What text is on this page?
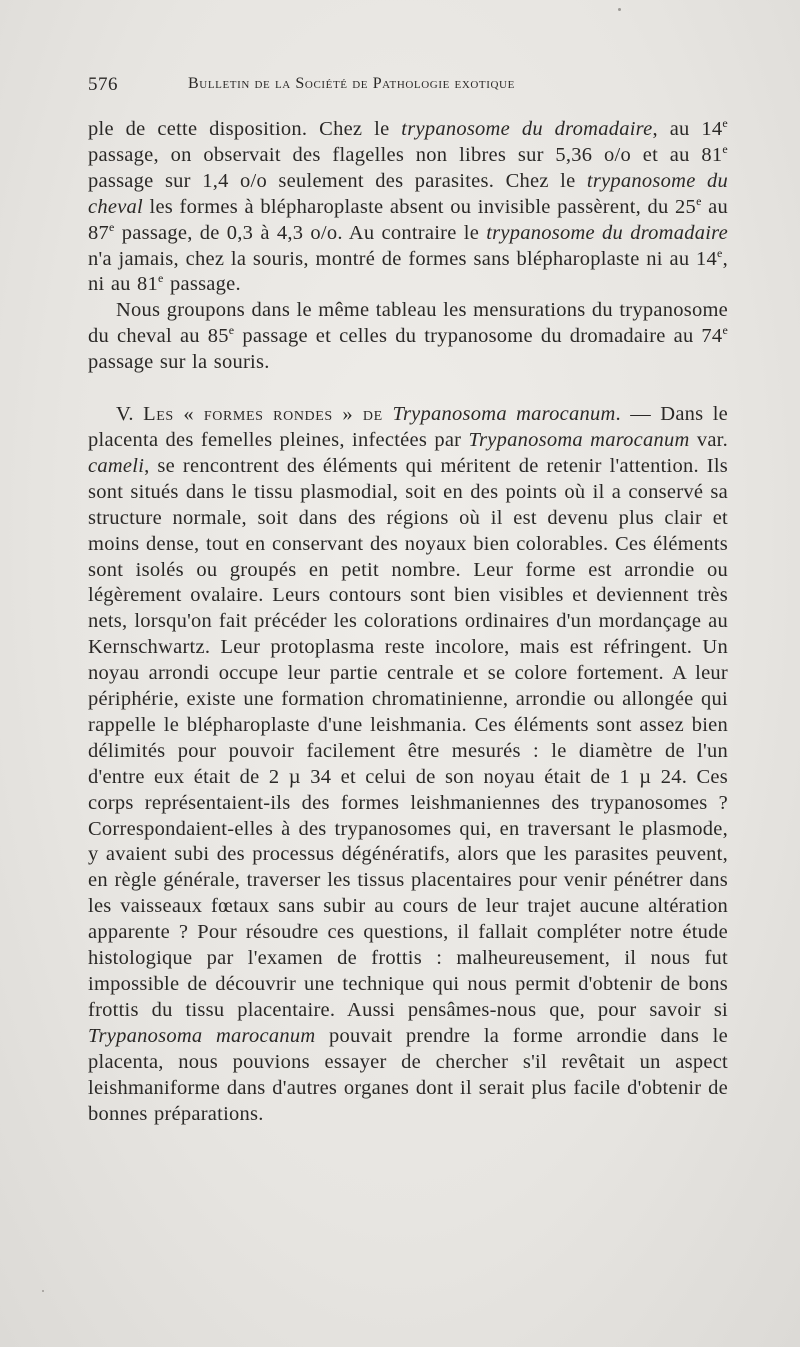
576	Bulletin de la Société de Pathologie exotique

ple de cette disposition. Chez le trypanosome du dromadaire, au 14e passage, on observait des flagelles non libres sur 5,36 o/o et au 81e passage sur 1,4 o/o seulement des parasites. Chez le trypanosome du cheval les formes à blépharoplaste absent ou invisible passèrent, du 25e au 87e passage, de 0,3 à 4,3 o/o. Au contraire le trypanosome du dromadaire n'a jamais, chez la souris, montré de formes sans blépharoplaste ni au 14e, ni au 81e passage.

Nous groupons dans le même tableau les mensurations du trypanosome du cheval au 85e passage et celles du trypanosome du dromadaire au 74e passage sur la souris.

V. Les « formes rondes » de Trypanosoma marocanum. — Dans le placenta des femelles pleines, infectées par Trypanosoma marocanum var. cameli, se rencontrent des éléments qui méritent de retenir l'attention. Ils sont situés dans le tissu plasmodial, soit en des points où il a conservé sa structure normale, soit dans des régions où il est devenu plus clair et moins dense, tout en conservant des noyaux bien colorables. Ces éléments sont isolés ou groupés en petit nombre. Leur forme est arrondie ou légèrement ovalaire. Leurs contours sont bien visibles et deviennent très nets, lorsqu'on fait précéder les colorations ordinaires d'un mordançage au Kernschwartz. Leur protoplasma reste incolore, mais est réfringent. Un noyau arrondi occupe leur partie centrale et se colore fortement. A leur périphérie, existe une formation chromatinienne, arrondie ou allongée qui rappelle le blépharoplaste d'une leishmania. Ces éléments sont assez bien délimités pour pouvoir facilement être mesurés : le diamètre de l'un d'entre eux était de 2 µ 34 et celui de son noyau était de 1 µ 24. Ces corps représentaient-ils des formes leishmaniennes des trypanosomes ? Correspondaient-elles à des trypanosomes qui, en traversant le plasmode, y avaient subi des processus dégénératifs, alors que les parasites peuvent, en règle générale, traverser les tissus placentaires pour venir pénétrer dans les vaisseaux fœtaux sans subir au cours de leur trajet aucune altération apparente ? Pour résoudre ces questions, il fallait compléter notre étude histologique par l'examen de frottis : malheureusement, il nous fut impossible de découvrir une technique qui nous permit d'obtenir de bons frottis du tissu placentaire. Aussi pensâmes-nous que, pour savoir si Trypanosoma marocanum pouvait prendre la forme arrondie dans le placenta, nous pouvions essayer de chercher s'il revêtait un aspect leishmaniforme dans d'autres organes dont il serait plus facile d'obtenir de bonnes préparations.
